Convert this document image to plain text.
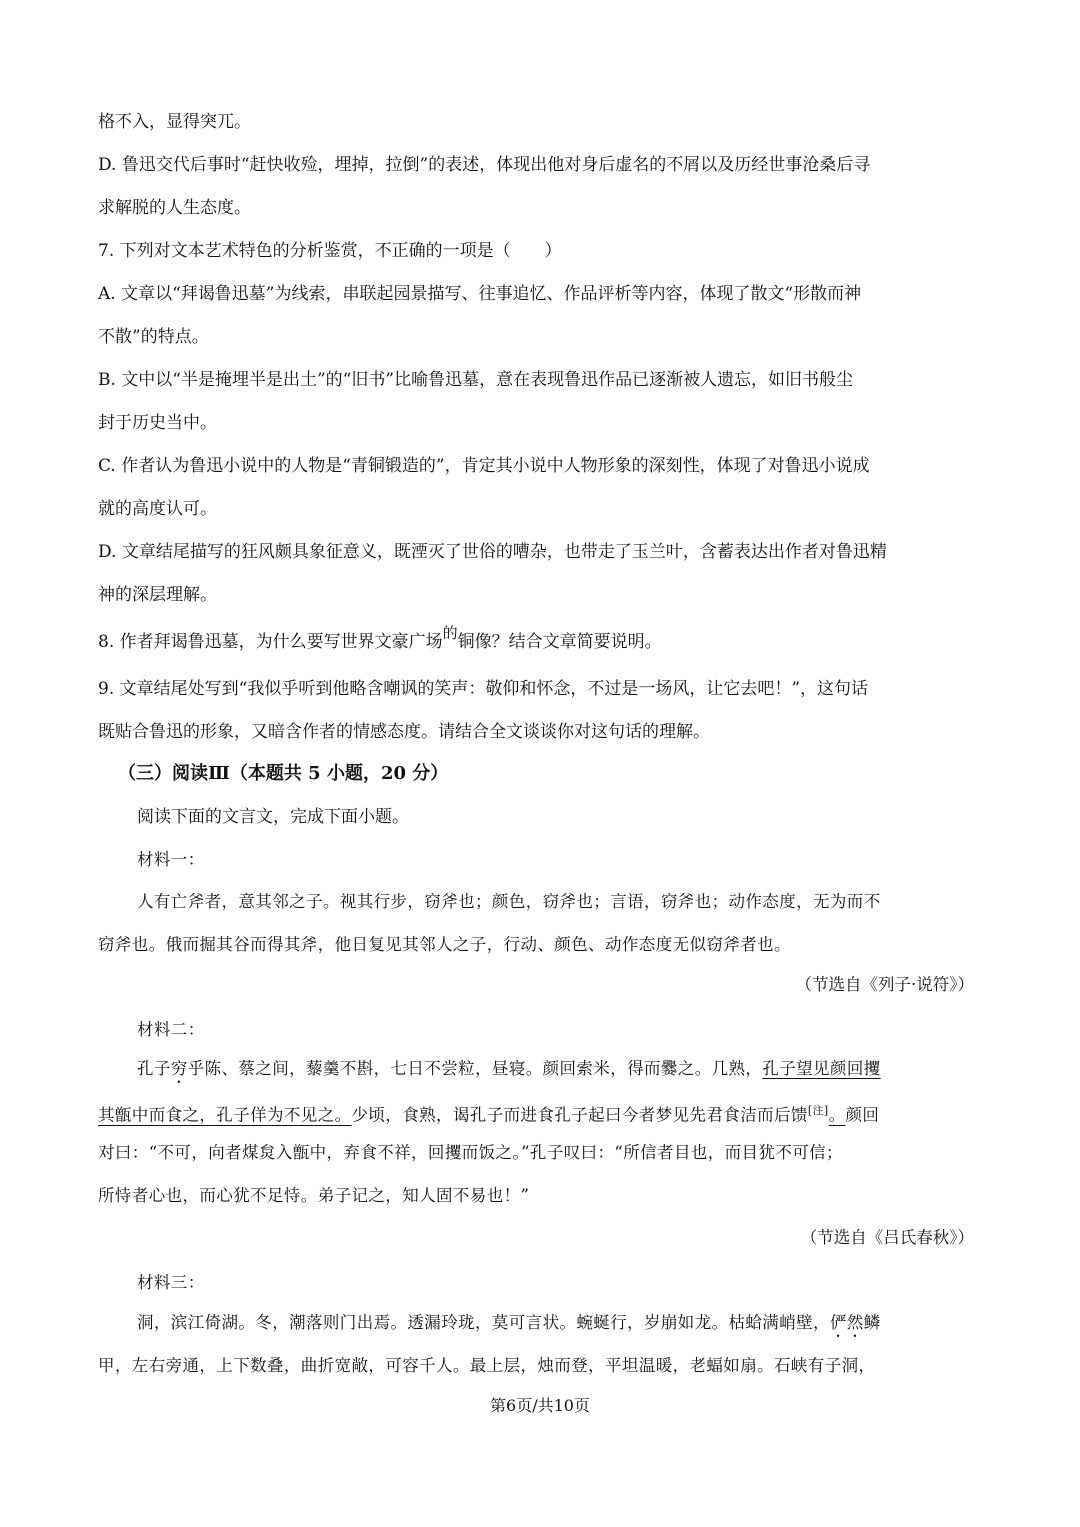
格不入，显得突兀。
D. 鲁迅交代后事时“赶快收殓，埋掉，拉倒”的表述，体现出他对身后虚名的不屑以及历经世事沧桑后寻
求解脱的人生态度。
7. 下列对文本艺术特色的分析鉴赏，不正确的一项是（　　）
A. 文章以“拜谒鲁迅墓”为线索，串联起园景描写、往事追忆、作品评析等内容，体现了散文“形散而神
不散”的特点。
B. 文中以“半是掩埋半是出土”的“旧书”比喻鲁迅墓，意在表现鲁迅作品已逐渐被人遗忘，如旧书般尘
封于历史当中。
C. 作者认为鲁迅小说中的人物是“青铜锻造的”，肯定其小说中人物形象的深刻性，体现了对鲁迅小说成
就的高度认可。
D. 文章结尾描写的狂风颇具象征意义，既湮灭了世俗的嘈杂，也带走了玉兰叶，含蓄表达出作者对鲁迅精
神的深层理解。
8. 作者拜谒鲁迅墓，为什么要写世界文豪广场的铜像？结合文章简要说明。
9. 文章结尾处写到“我似乎听到他略含嘲讽的笑声：敬仰和怀念，不过是一场风，让它去吧！”，这句话
既贴合鲁迅的形象，又暗含作者的情感态度。请结合全文谈谈你对这句话的理解。
（三）阅读Ⅲ（本题共 5 小题，20 分）
阅读下面的文言文，完成下面小题。
材料一：
人有亡斧者，意其邻之子。视其行步，窃斧也；颜色，窃斧也；言语，窃斧也；动作态度，无为而不
窃斧也。俄而掘其谷而得其斧，他日复见其邻人之子，行动、颜色、动作态度无似窃斧者也。
（节选自《列子·说符》）
材料二：
孔子穷乎陈、蔡之间，藜羹不斟，七日不尝粒，昼寝。颜回索米，得而爨之。几熟，孔子望见颜回攫
其甑中而食之，孔子佯为不见之。少顷，食熟，谒孔子而进食孔子起曰今者梦见先君食洁而后馈[注]。颜回
对曰：“不可，向者煤炱入甑中，弃食不祥，回攫而饭之。”孔子叹曰：“所信者目也，而目犹不可信；
所恃者心也，而心犹不足恃。弟子记之，知人固不易也！”
（节选自《吕氏春秋》）
材料三：
洞，滨江倚湖。冬，潮落则门出焉。透漏玲珑，莫可言状。蜿蜒行，岁崩如龙。枯蛤满峭壁，俨然鳞
甲，左右旁通，上下数叠，曲折宽敞，可容千人。最上层，烛而登，平坦温暖，老蝠如扇。石峡有子洞，
第6页/共10页
